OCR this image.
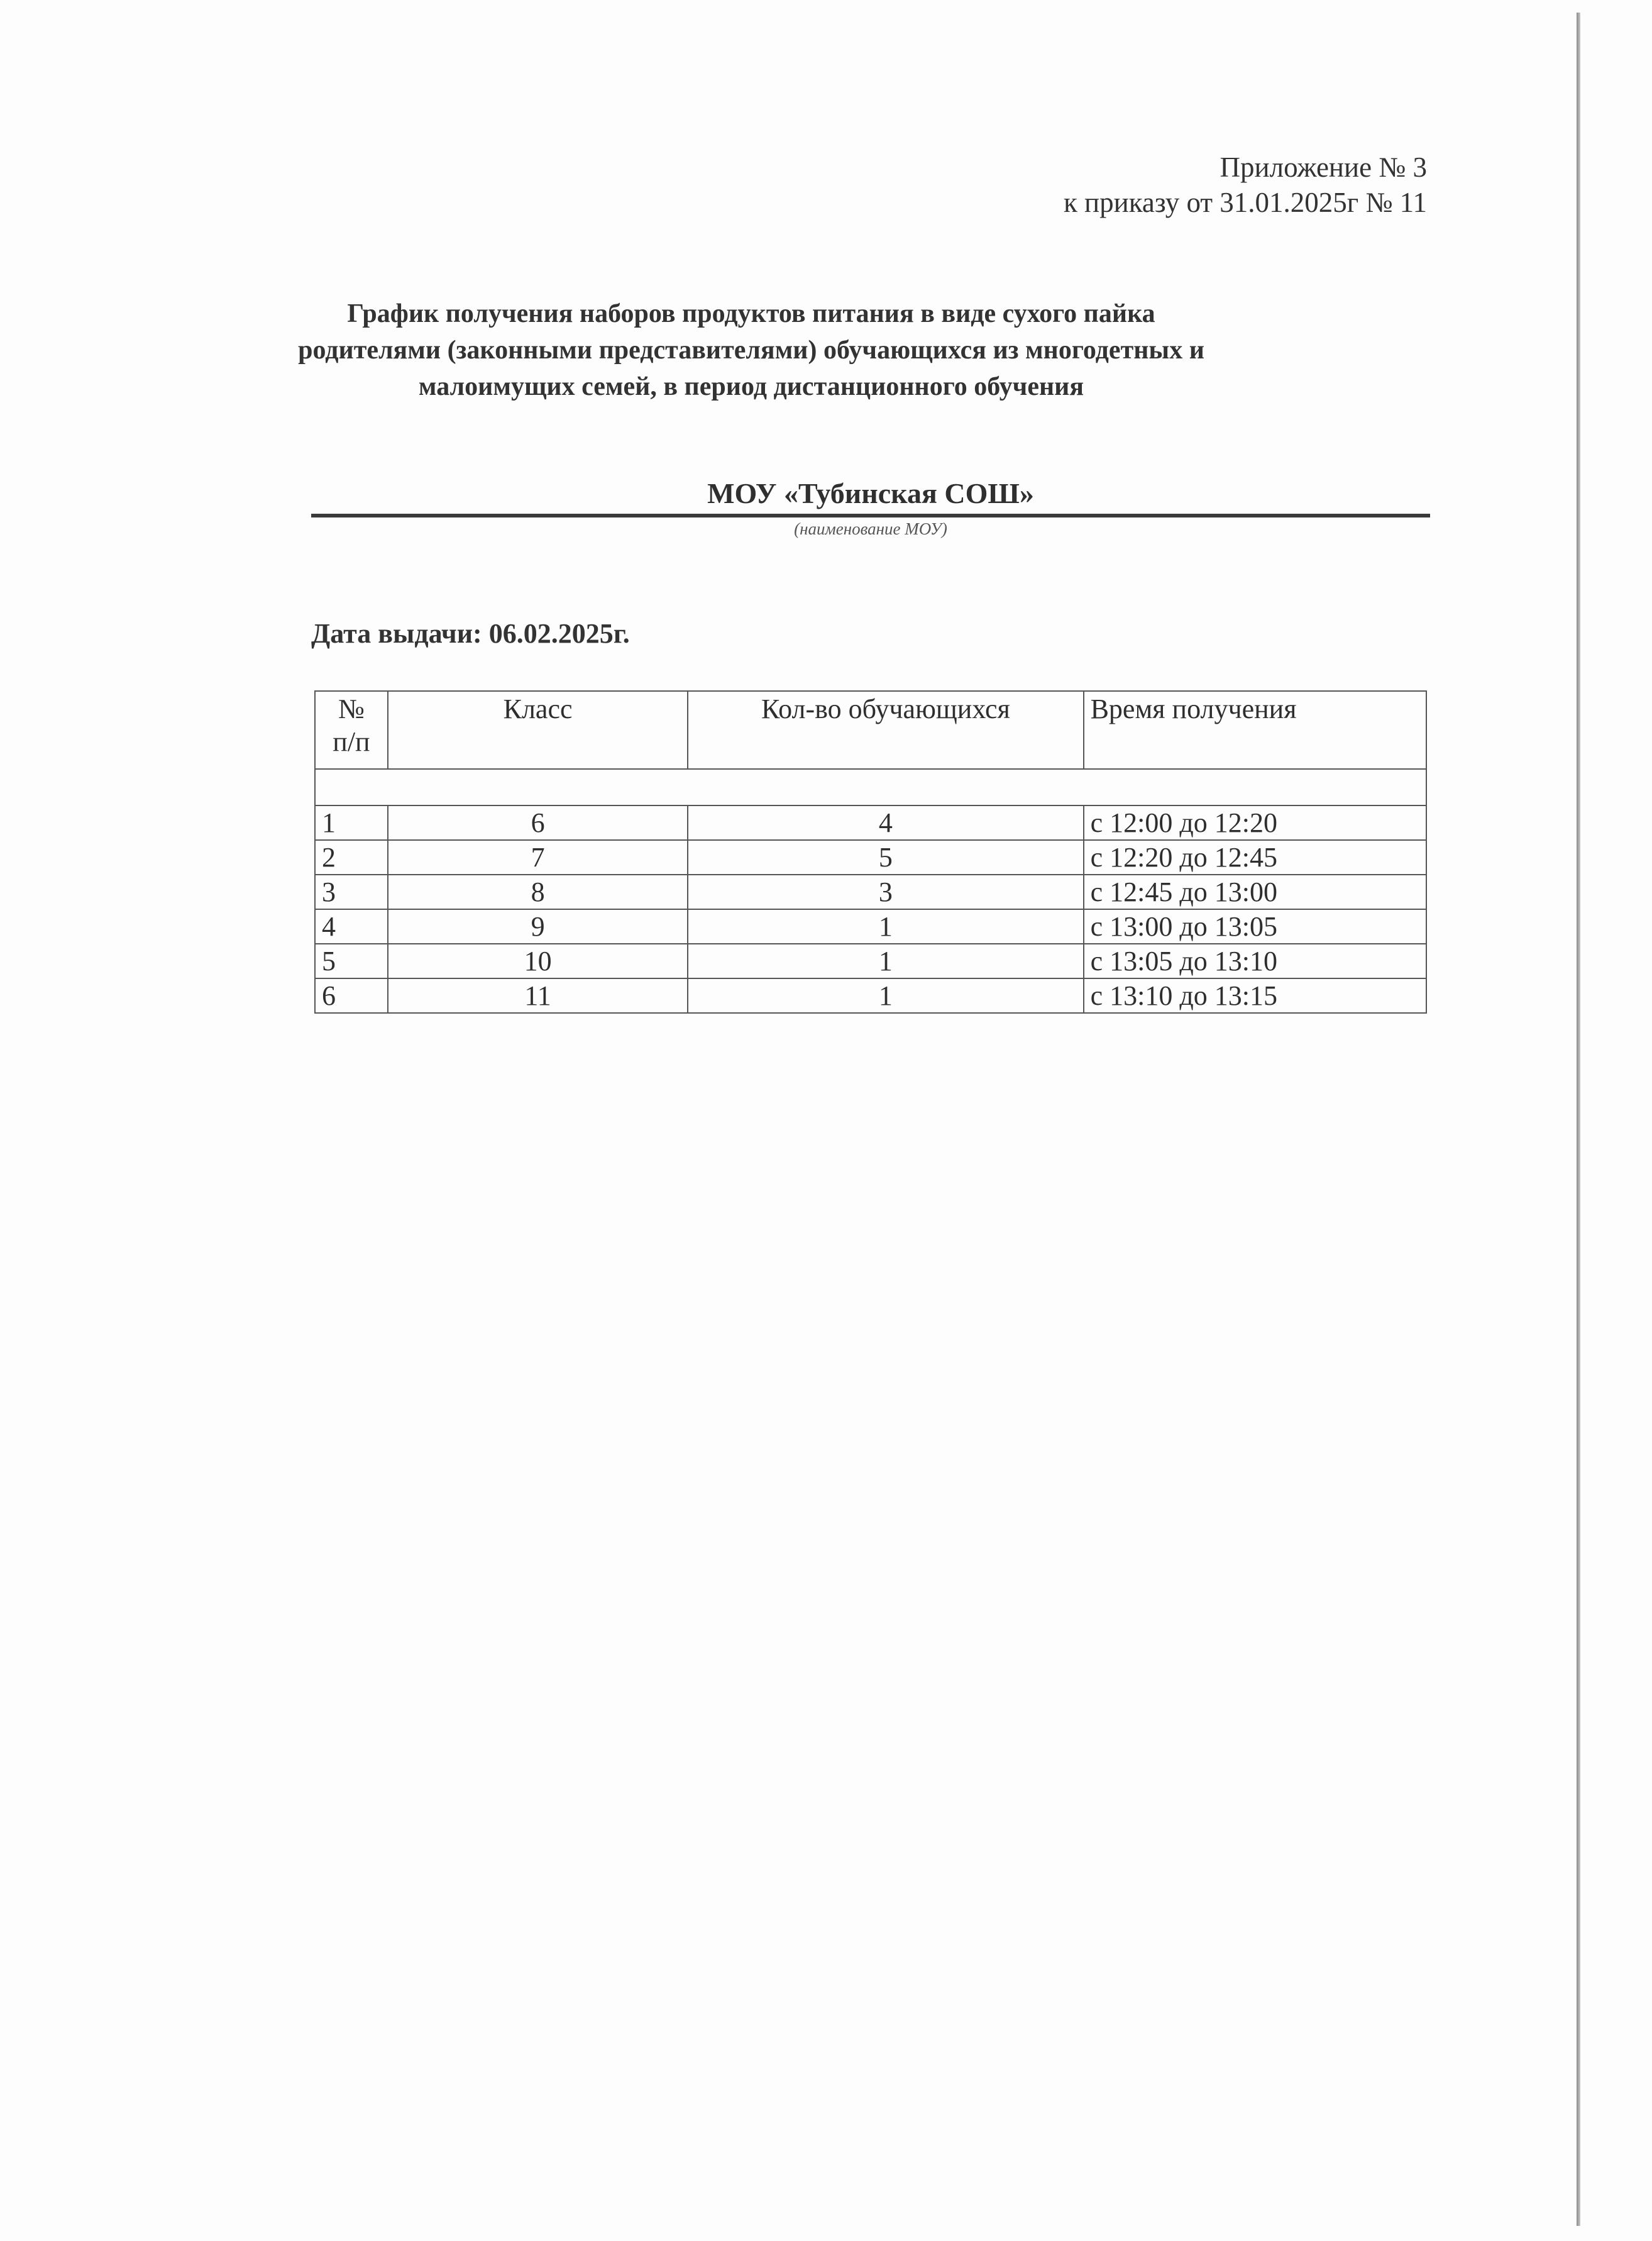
Приложение № 3
к приказу от 31.01.2025г № 11
График получения наборов продуктов питания в виде сухого пайка
родителями (законными представителями) обучающихся из многодетных и
малоимущих семей, в период дистанционного обучения
МОУ «Тубинская СОШ»
(наименование МОУ)
Дата выдачи: 06.02.2025г.
№
п/п	Класс	Кол-во обучающихся	Время получения

1	6	4	с 12:00 до 12:20
2	7	5	с 12:20 до 12:45
3	8	3	с 12:45 до 13:00
4	9	1	с 13:00 до 13:05
5	10	1	с 13:05 до 13:10
6	11	1	с 13:10 до 13:15
